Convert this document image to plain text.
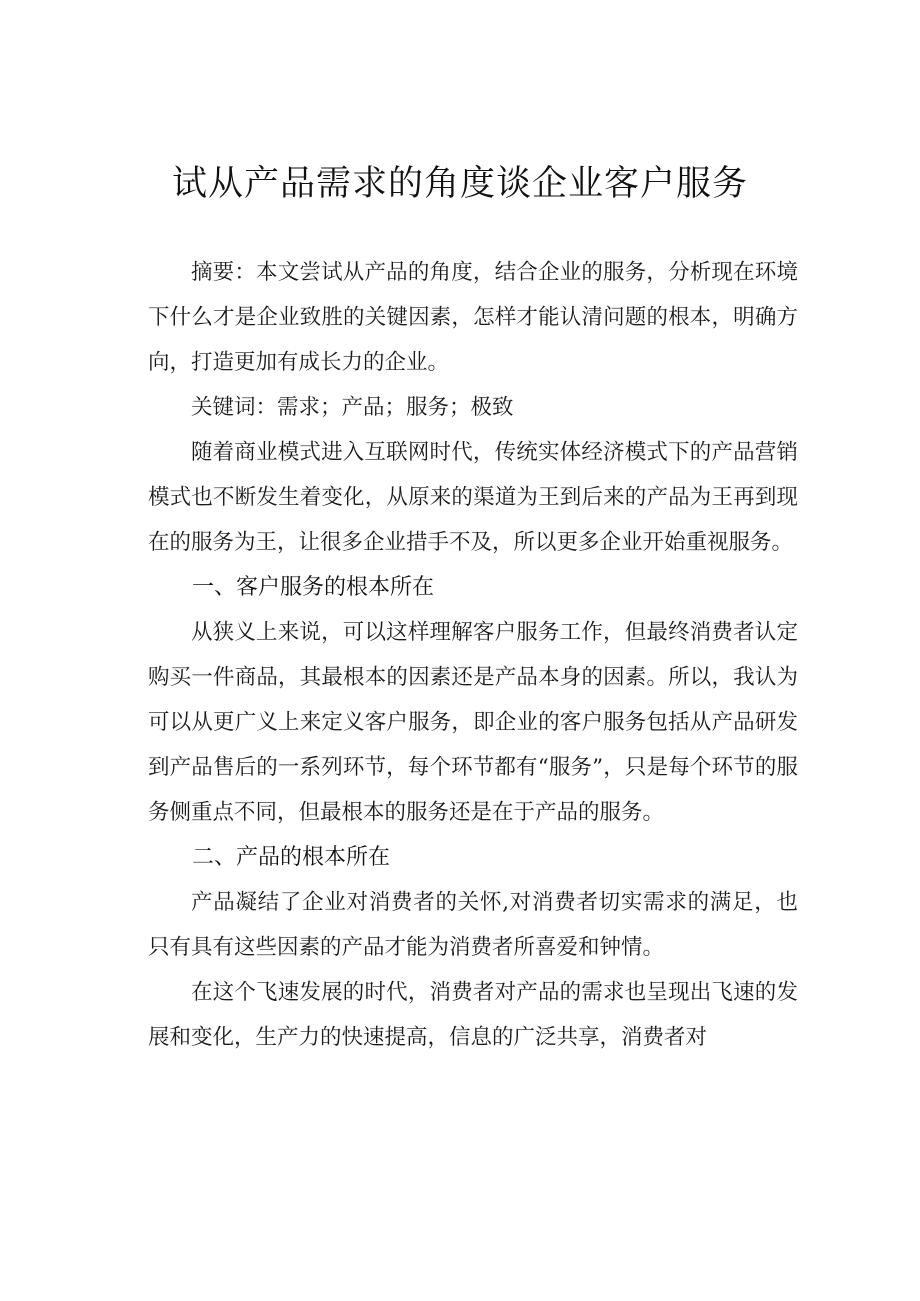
试从产品需求的角度谈企业客户服务

摘要：本文尝试从产品的角度，结合企业的服务，分析现在环境下什么才是企业致胜的关键因素，怎样才能认清问题的根本，明确方向，打造更加有成长力的企业。

关键词：需求；产品；服务；极致

随着商业模式进入互联网时代，传统实体经济模式下的产品营销模式也不断发生着变化，从原来的渠道为王到后来的产品为王再到现在的服务为王，让很多企业措手不及，所以更多企业开始重视服务。

一、客户服务的根本所在

从狭义上来说，可以这样理解客户服务工作，但最终消费者认定购买一件商品，其最根本的因素还是产品本身的因素。所以，我认为可以从更广义上来定义客户服务，即企业的客户服务包括从产品研发到产品售后的一系列环节，每个环节都有“服务”，只是每个环节的服务侧重点不同，但最根本的服务还是在于产品的服务。

二、产品的根本所在

产品凝结了企业对消费者的关怀,对消费者切实需求的满足，也只有具有这些因素的产品才能为消费者所喜爱和钟情。

在这个飞速发展的时代，消费者对产品的需求也呈现出飞速的发展和变化，生产力的快速提高，信息的广泛共享，消费者对
